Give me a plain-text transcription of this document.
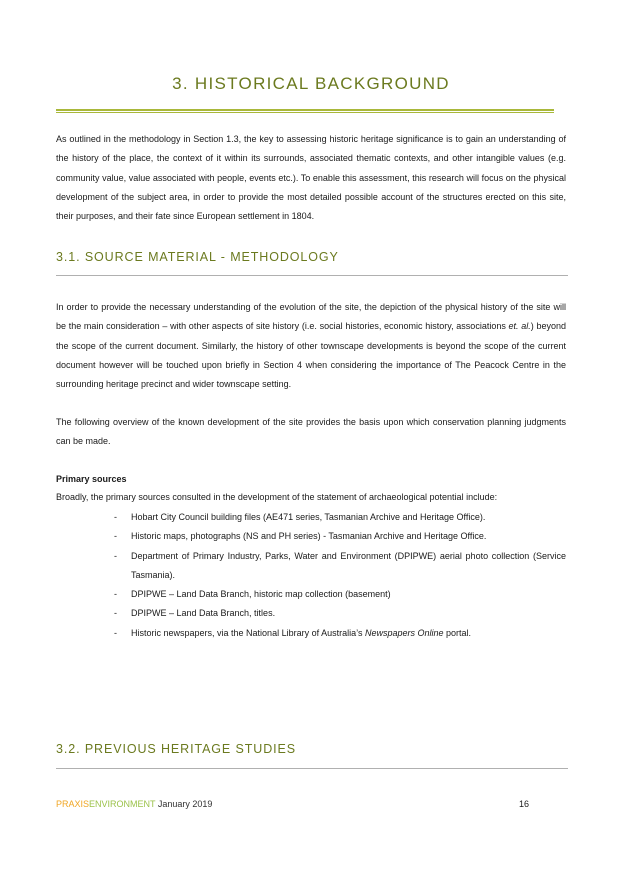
3. HISTORICAL BACKGROUND

As outlined in the methodology in Section 1.3, the key to assessing historic heritage significance is to gain an understanding of the history of the place, the context of it within its surrounds, associated thematic contexts, and other intangible values (e.g. community value, value associated with people, events etc.). To enable this assessment, this research will focus on the physical development of the subject area, in order to provide the most detailed possible account of the structures erected on this site, their purposes, and their fate since European settlement in 1804.

3.1. SOURCE MATERIAL - METHODOLOGY

In order to provide the necessary understanding of the evolution of the site, the depiction of the physical history of the site will be the main consideration – with other aspects of site history (i.e. social histories, economic history, associations et. al.) beyond the scope of the current document. Similarly, the history of other townscape developments is beyond the scope of the current document however will be touched upon briefly in Section 4 when considering the importance of The Peacock Centre in the surrounding heritage precinct and wider townscape setting.

The following overview of the known development of the site provides the basis upon which conservation planning judgments can be made.

Primary sources

Broadly, the primary sources consulted in the development of the statement of archaeological potential include:

- Hobart City Council building files (AE471 series, Tasmanian Archive and Heritage Office).
- Historic maps, photographs (NS and PH series) - Tasmanian Archive and Heritage Office.
- Department of Primary Industry, Parks, Water and Environment (DPIPWE) aerial photo collection (Service Tasmania).
- DPIPWE – Land Data Branch, historic map collection (basement)
- DPIPWE – Land Data Branch, titles.
- Historic newspapers, via the National Library of Australia’s Newspapers Online portal.
3.2. PREVIOUS HERITAGE STUDIES
PRAXISENVIRONMENT January 2019	16
